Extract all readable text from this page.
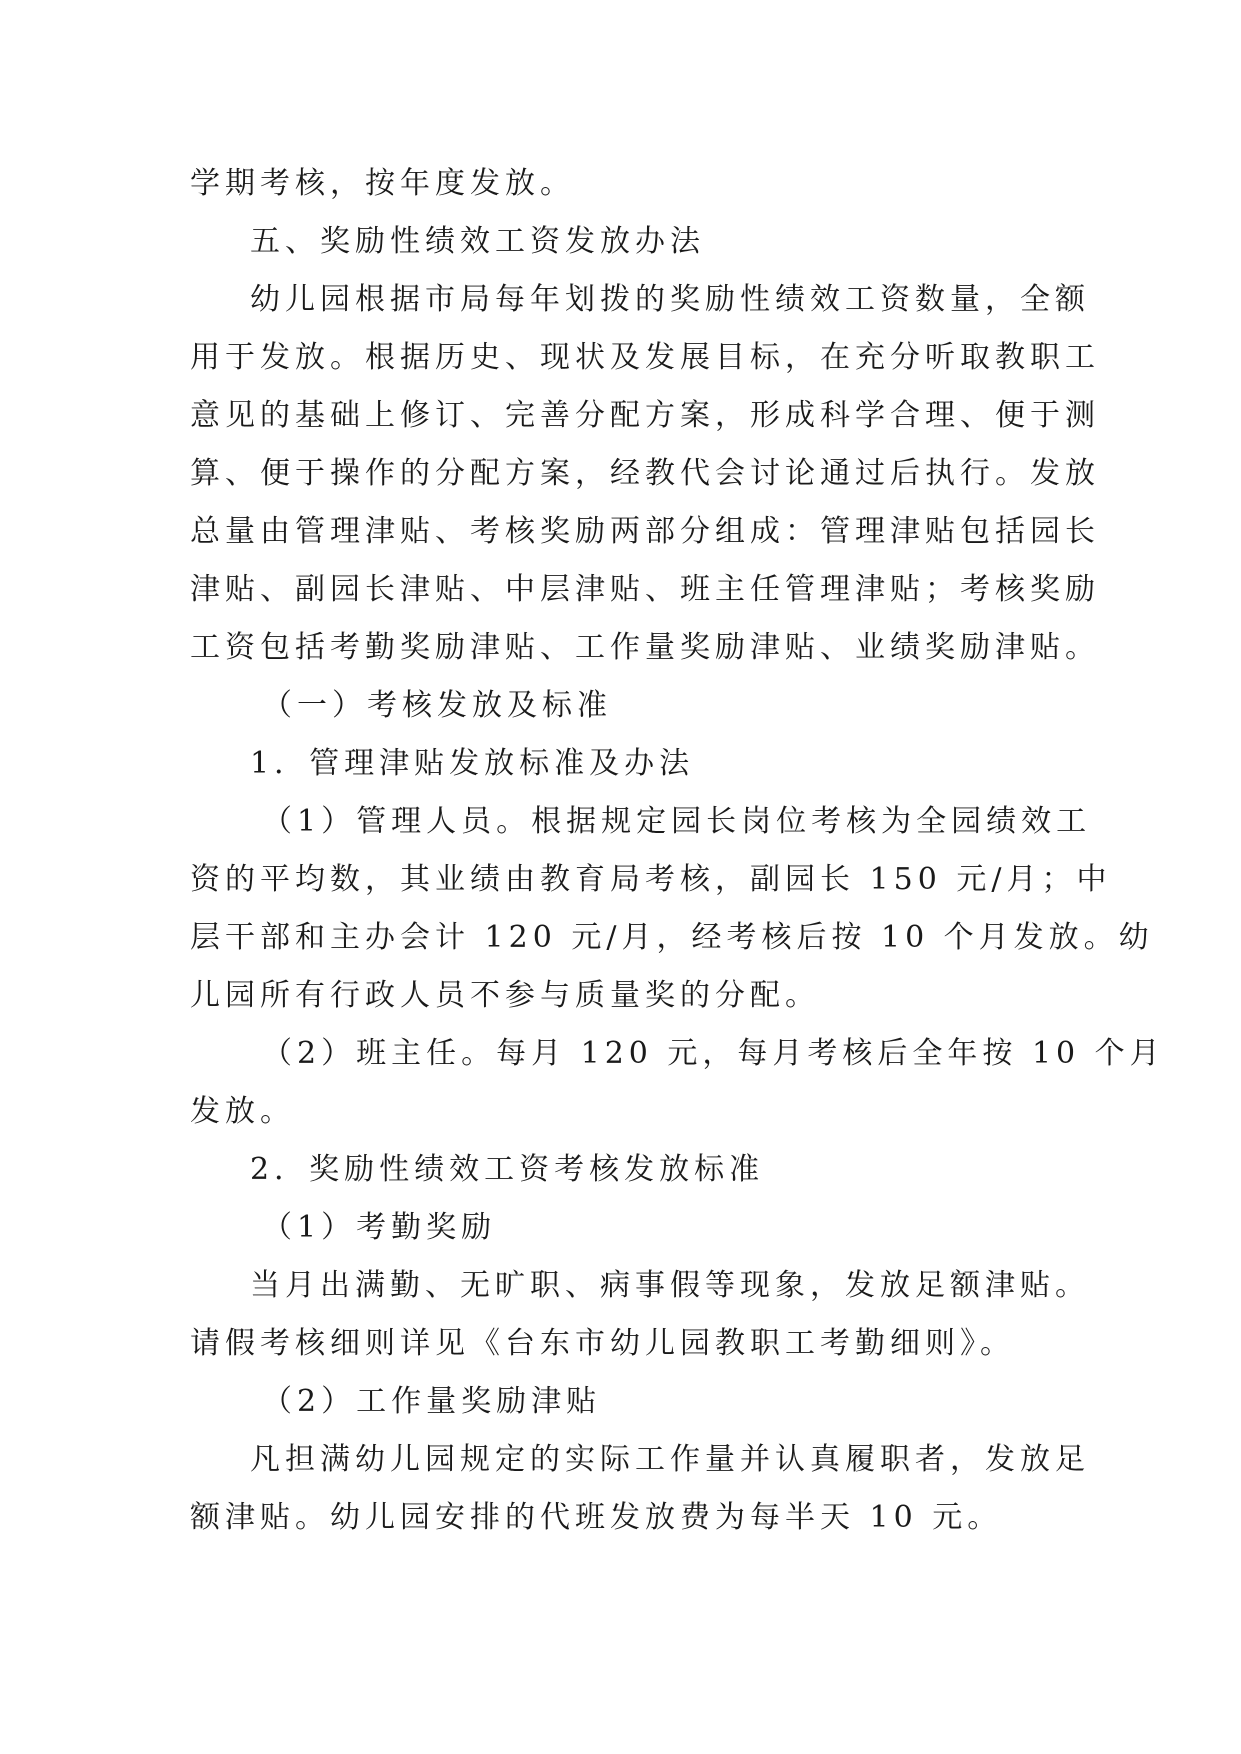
学期考核，按年度发放。
五、奖励性绩效工资发放办法
幼儿园根据市局每年划拨的奖励性绩效工资数量，全额
用于发放。根据历史、现状及发展目标，在充分听取教职工
意见的基础上修订、完善分配方案，形成科学合理、便于测
算、便于操作的分配方案，经教代会讨论通过后执行。发放
总量由管理津贴、考核奖励两部分组成：管理津贴包括园长
津贴、副园长津贴、中层津贴、班主任管理津贴；考核奖励
工资包括考勤奖励津贴、工作量奖励津贴、业绩奖励津贴。
（一）考核发放及标准
1．管理津贴发放标准及办法
（1）管理人员。根据规定园长岗位考核为全园绩效工
资的平均数，其业绩由教育局考核，副园长 150 元/月；中
层干部和主办会计 120 元/月，经考核后按 10 个月发放。幼
儿园所有行政人员不参与质量奖的分配。
（2）班主任。每月 120 元，每月考核后全年按 10 个月
发放。
2．奖励性绩效工资考核发放标准
（1）考勤奖励
当月出满勤、无旷职、病事假等现象，发放足额津贴。
请假考核细则详见《台东市幼儿园教职工考勤细则》。
（2）工作量奖励津贴
凡担满幼儿园规定的实际工作量并认真履职者，发放足
额津贴。幼儿园安排的代班发放费为每半天 10 元。
